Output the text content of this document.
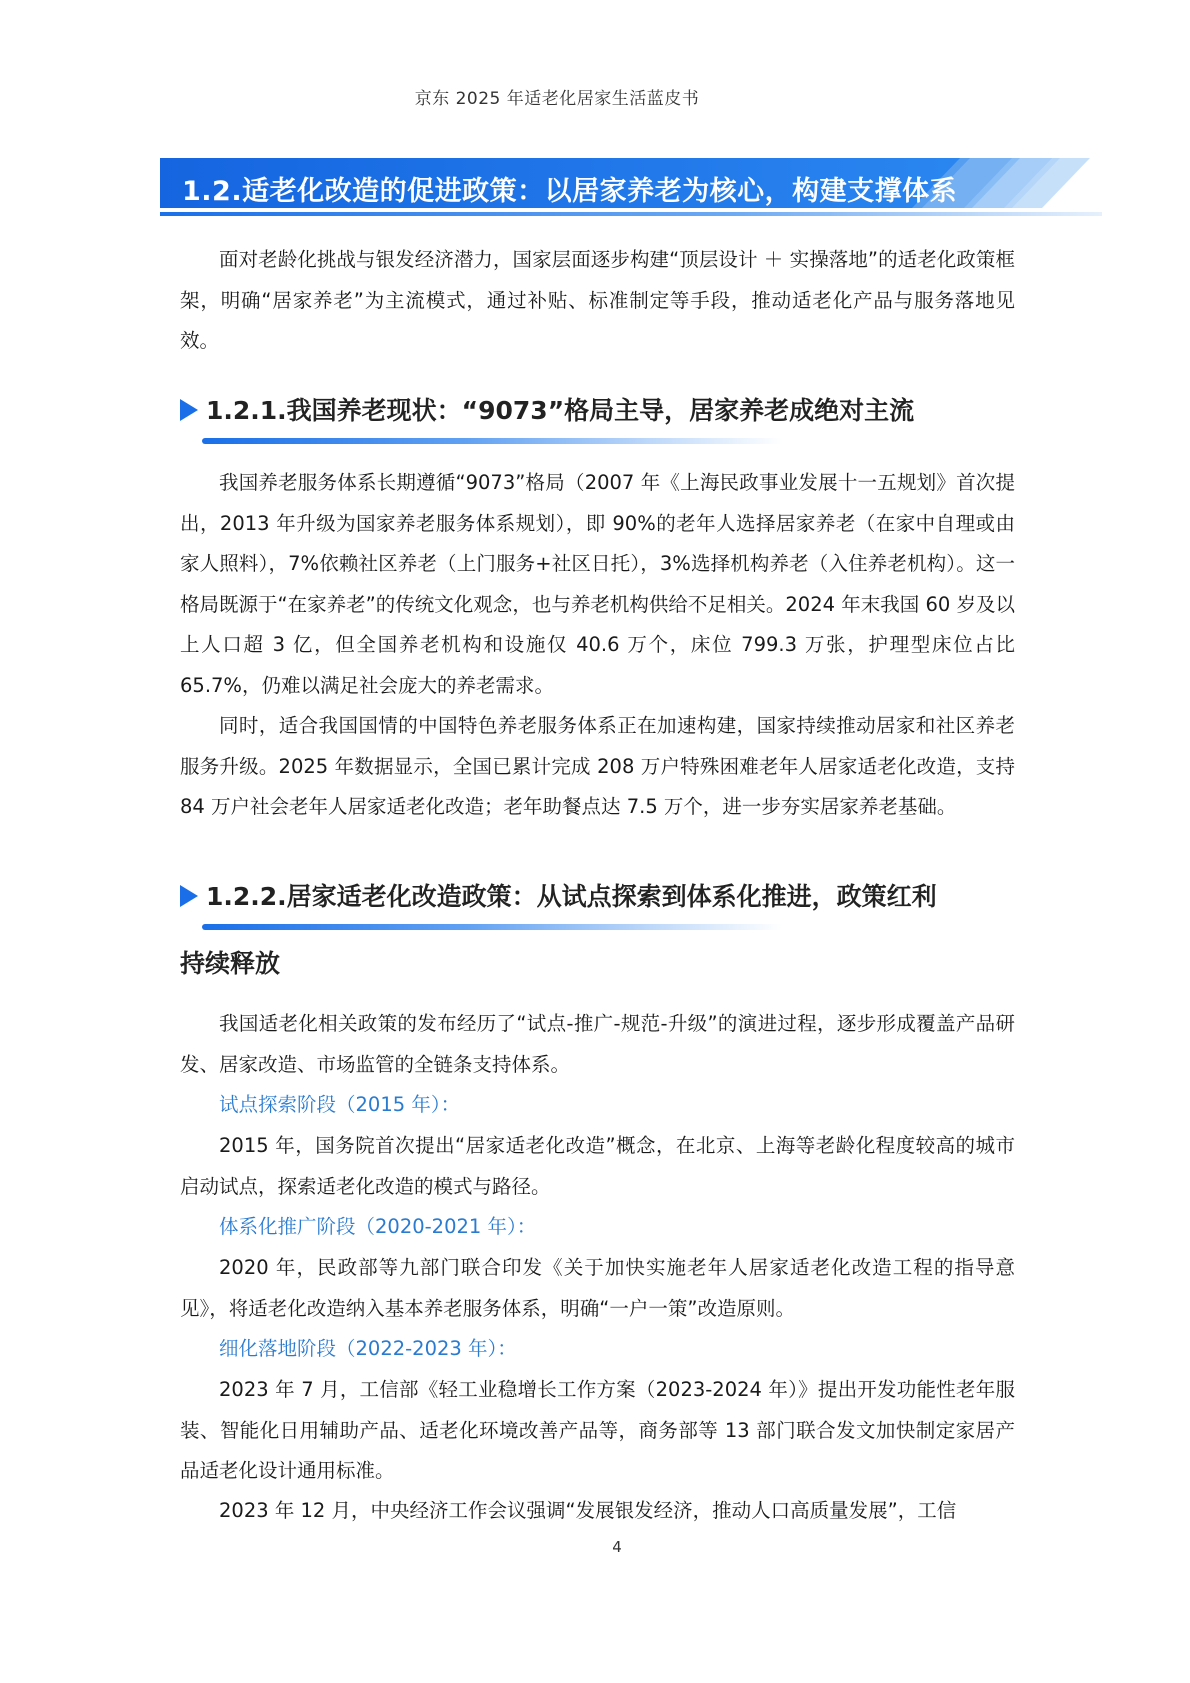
京东 2025 年适老化居家生活蓝皮书
1.2.适老化改造的促进政策：以居家养老为核心，构建支撑体系

面对老龄化挑战与银发经济潜力，国家层面逐步构建“顶层设计 ＋ 实操落地”的适老化政策框架，明确“居家养老”为主流模式，通过补贴、标准制定等手段，推动适老化产品与服务落地见效。

1.2.1.我国养老现状：“9073”格局主导，居家养老成绝对主流

我国养老服务体系长期遵循“9073”格局（2007 年《上海民政事业发展十一五规划》首次提出，2013 年升级为国家养老服务体系规划），即 90%的老年人选择居家养老（在家中自理或由家人照料），7%依赖社区养老（上门服务+社区日托），3%选择机构养老（入住养老机构）。这一格局既源于“在家养老”的传统文化观念，也与养老机构供给不足相关。2024 年末我国 60 岁及以上人口超 3 亿，但全国养老机构和设施仅 40.6 万个，床位 799.3 万张，护理型床位占比 65.7%，仍难以满足社会庞大的养老需求。

同时，适合我国国情的中国特色养老服务体系正在加速构建，国家持续推动居家和社区养老服务升级。2025 年数据显示，全国已累计完成 208 万户特殊困难老年人居家适老化改造，支持 84 万户社会老年人居家适老化改造；老年助餐点达 7.5 万个，进一步夯实居家养老基础。

1.2.2.居家适老化改造政策：从试点探索到体系化推进，政策红利
持续释放

我国适老化相关政策的发布经历了“试点-推广-规范-升级”的演进过程，逐步形成覆盖产品研发、居家改造、市场监管的全链条支持体系。

试点探索阶段（2015 年）：

2015 年，国务院首次提出“居家适老化改造”概念，在北京、上海等老龄化程度较高的城市启动试点，探索适老化改造的模式与路径。

体系化推广阶段（2020-2021 年）：

2020 年，民政部等九部门联合印发《关于加快实施老年人居家适老化改造工程的指导意见》，将适老化改造纳入基本养老服务体系，明确“一户一策”改造原则。

细化落地阶段（2022-2023 年）：

2023 年 7 月，工信部《轻工业稳增长工作方案（2023-2024 年）》提出开发功能性老年服装、智能化日用辅助产品、适老化环境改善产品等，商务部等 13 部门联合发文加快制定家居产品适老化设计通用标准。

2023 年 12 月，中央经济工作会议强调“发展银发经济，推动人口高质量发展”，工信

4
